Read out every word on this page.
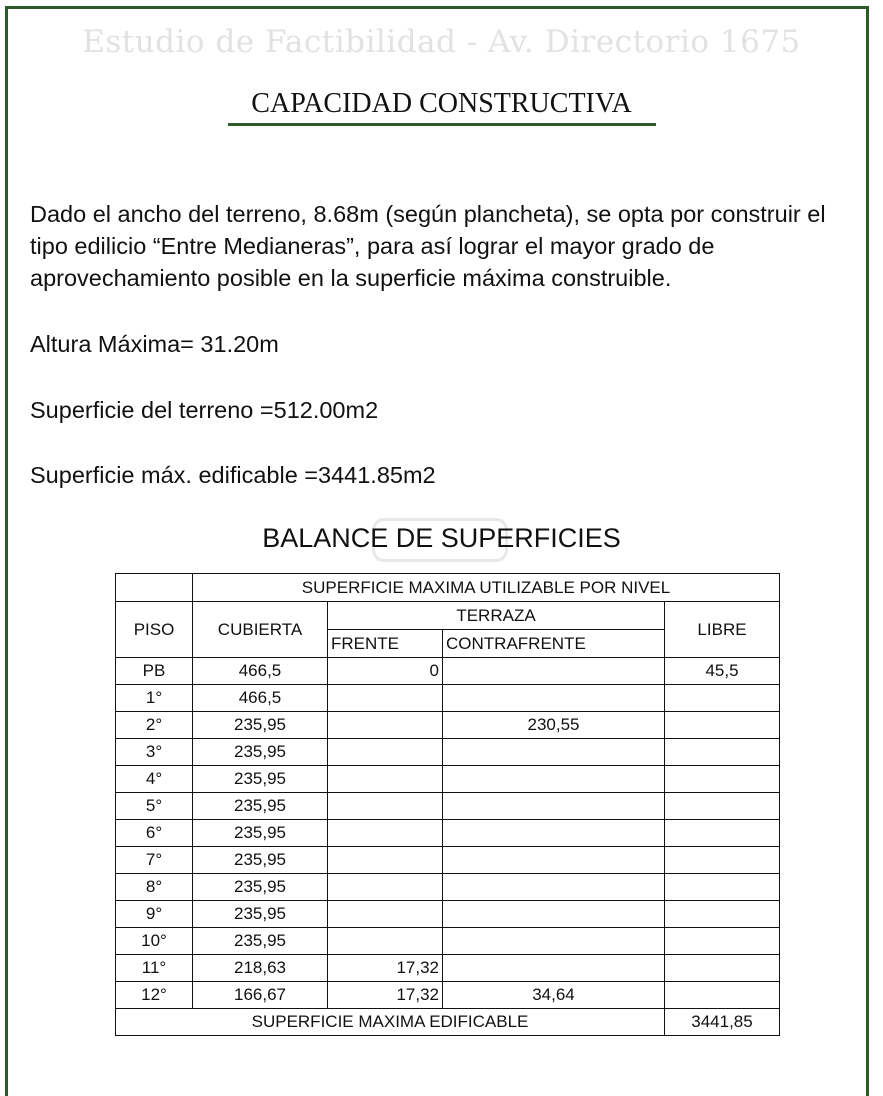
Estudio de Factibilidad - Av. Directorio 1675
CAPACIDAD CONSTRUCTIVA
Dado el ancho del terreno, 8.68m (según plancheta), se opta por construir el tipo edilicio “Entre Medianeras”, para así lograr el mayor grado de aprovechamiento posible en la superficie máxima construible.
Altura Máxima= 31.20m
Superficie del terreno =512.00m2
Superficie máx. edificable =3441.85m2
BALANCE DE SUPERFICIES
	SUPERFICIE MAXIMA UTILIZABLE POR NIVEL			
PISO	CUBIERTA	TERRAZA		LIBRE
		FRENTE	CONTRAFRENTE	
PB	466,5	0		45,5
1°	466,5			
2°	235,95		230,55	
3°	235,95			
4°	235,95			
5°	235,95			
6°	235,95			
7°	235,95			
8°	235,95			
9°	235,95			
10°	235,95			
11°	218,63	17,32		
12°	166,67	17,32	34,64	
SUPERFICIE MAXIMA EDIFICABLE				3441,85
